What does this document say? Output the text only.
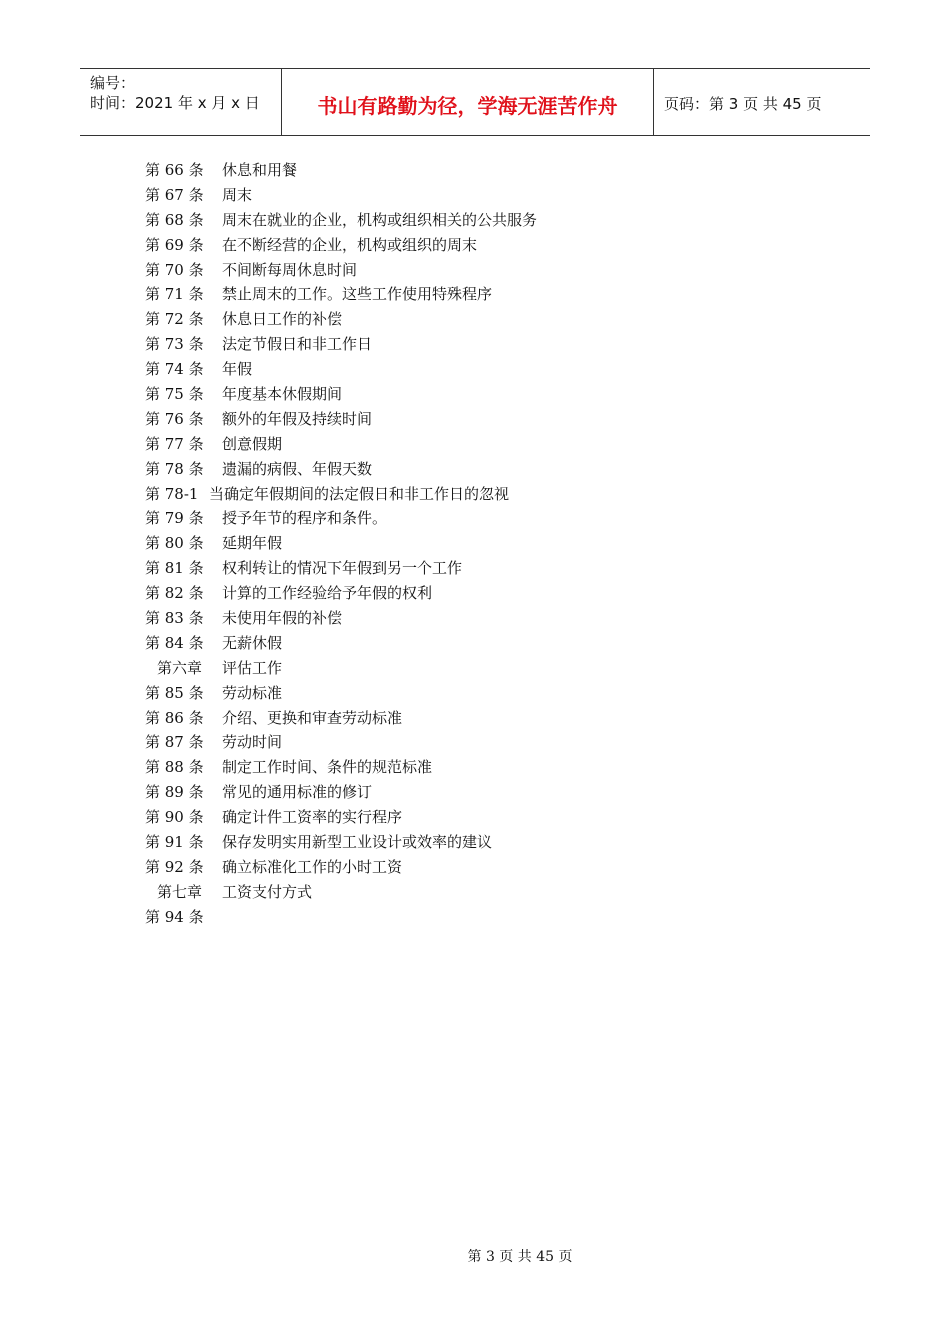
编号：
时间：2021 年 x 月 x 日	书山有路勤为径，学海无涯苦作舟	页码：第 3 页 共 45 页
第 66 条 休息和用餐
第 67 条 周末
第 68 条 周末在就业的企业，机构或组织相关的公共服务
第 69 条 在不断经营的企业，机构或组织的周末
第 70 条 不间断每周休息时间
第 71 条 禁止周末的工作。这些工作使用特殊程序
第 72 条 休息日工作的补偿
第 73 条 法定节假日和非工作日
第 74 条 年假
第 75 条 年度基本休假期间
第 76 条 额外的年假及持续时间
第 77 条 创意假期
第 78 条 遗漏的病假、年假天数
第 78-1 当确定年假期间的法定假日和非工作日的忽视
第 79 条 授予年节的程序和条件。
第 80 条 延期年假
第 81 条 权利转让的情况下年假到另一个工作
第 82 条 计算的工作经验给予年假的权利
第 83 条 未使用年假的补偿
第 84 条 无薪休假
第六章 评估工作
第 85 条 劳动标准
第 86 条 介绍、更换和审查劳动标准
第 87 条 劳动时间
第 88 条 制定工作时间、条件的规范标准
第 89 条 常见的通用标准的修订
第 90 条 确定计件工资率的实行程序
第 91 条 保存发明实用新型工业设计或效率的建议
第 92 条 确立标准化工作的小时工资
第七章 工资支付方式
第 94 条
第 3 页 共 45 页
